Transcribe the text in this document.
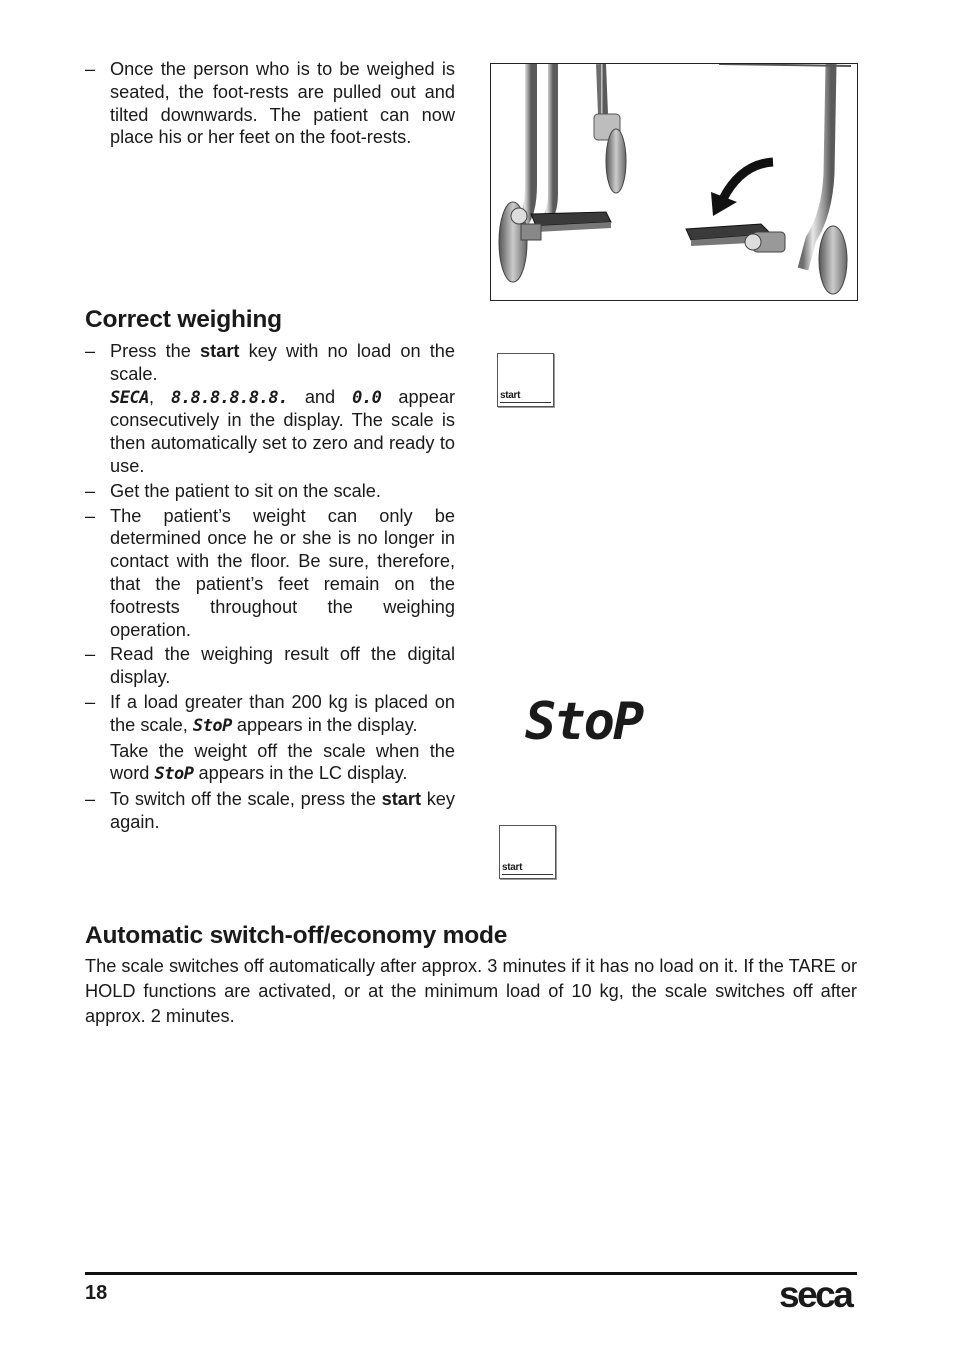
– Once the person who is to be weighed is seated, the foot-rests are pulled out and tilted downwards. The patient can now place his or her feet on the foot-rests.
Correct weighing
start
– Press the start key with no load on the scale.
SECA, 8.8.8.8.8.8. and 0.0 appear consecutively in the display. The scale is then automatically set to zero and ready to use.
– Get the patient to sit on the scale.
– The patient’s weight can only be determined once he or she is no longer in contact with the floor. Be sure, therefore, that the patient’s feet remain on the footrests throughout the weighing operation.
– Read the weighing result off the digital display.
– If a load greater than 200 kg is placed on the scale, StoP appears in the display.
Take the weight off the scale when the word StoP appears in the LC display.
– To switch off the scale, press the start key again.
StoP
start
Automatic switch-off/economy mode
The scale switches off automatically after approx. 3 minutes if it has no load on it. If the TARE or HOLD functions are activated, or at the minimum load of 10 kg, the scale switches off after approx. 2 minutes.
18	seca
